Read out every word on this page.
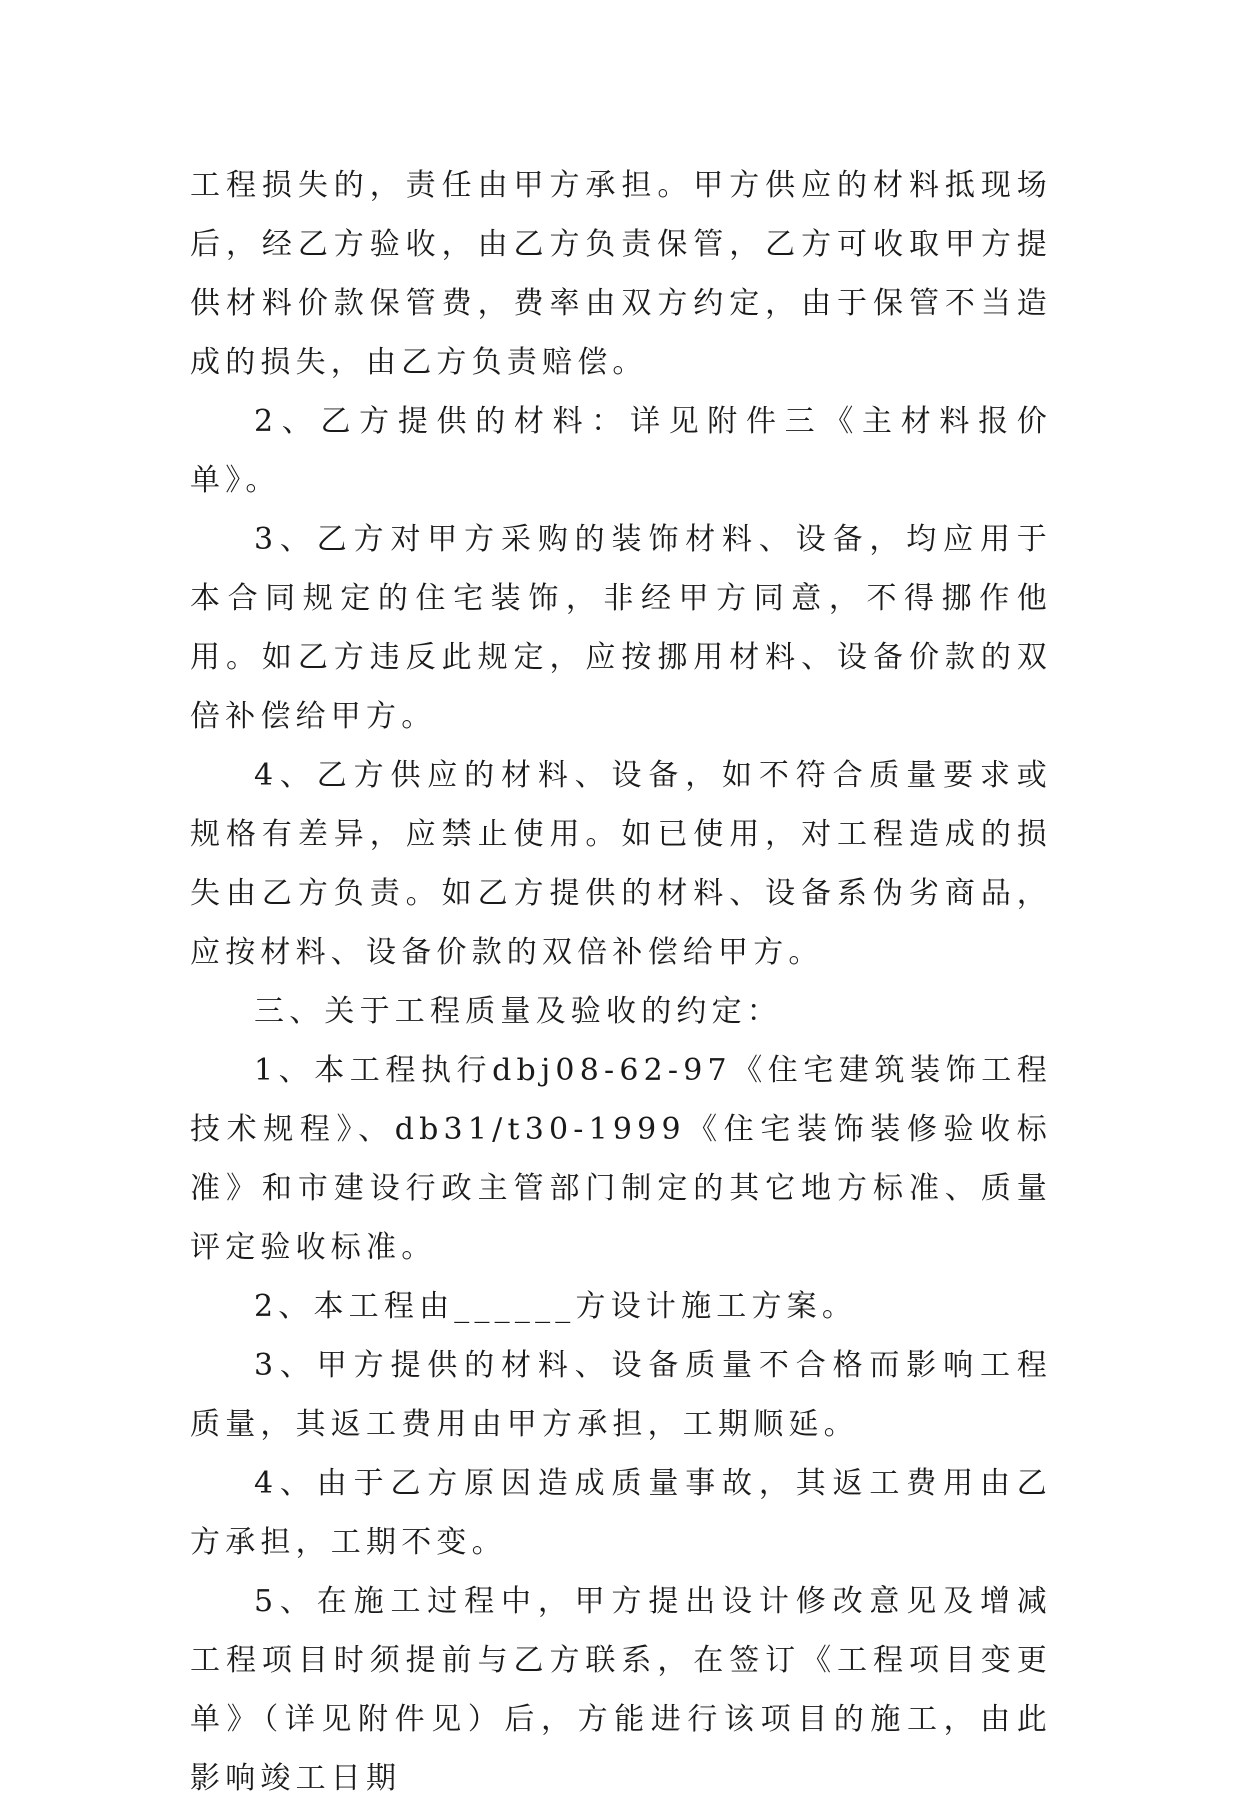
工程损失的，责任由甲方承担。甲方供应的材料抵现场后，经乙方验收，由乙方负责保管，乙方可收取甲方提供材料价款保管费，费率由双方约定，由于保管不当造成的损失，由乙方负责赔偿。

2、乙方提供的材料：详见附件三《主材料报价单》。

3、乙方对甲方采购的装饰材料、设备，均应用于本合同规定的住宅装饰，非经甲方同意，不得挪作他用。如乙方违反此规定，应按挪用材料、设备价款的双倍补偿给甲方。

4、乙方供应的材料、设备，如不符合质量要求或规格有差异，应禁止使用。如已使用，对工程造成的损失由乙方负责。如乙方提供的材料、设备系伪劣商品，应按材料、设备价款的双倍补偿给甲方。

三、关于工程质量及验收的约定：

1、本工程执行dbj08-62-97《住宅建筑装饰工程技术规程》、db31/t30-1999《住宅装饰装修验收标准》和市建设行政主管部门制定的其它地方标准、质量评定验收标准。

2、本工程由______方设计施工方案。

3、甲方提供的材料、设备质量不合格而影响工程质量，其返工费用由甲方承担，工期顺延。

4、由于乙方原因造成质量事故，其返工费用由乙方承担，工期不变。

5、在施工过程中，甲方提出设计修改意见及增减工程项目时须提前与乙方联系，在签订《工程项目变更单》（详见附件见）后，方能进行该项目的施工，由此影响竣工日期
